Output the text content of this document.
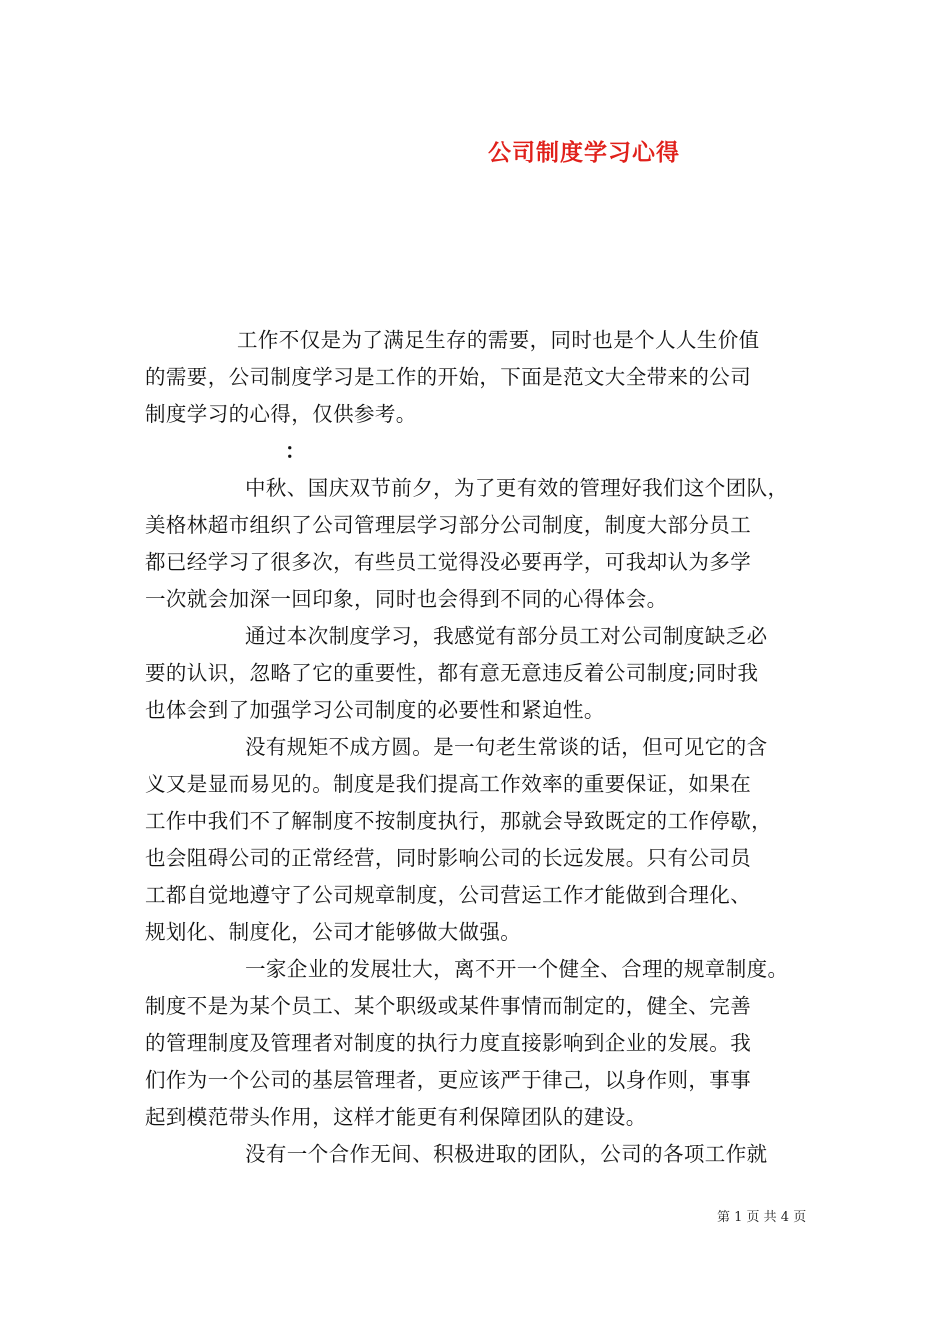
公司制度学习心得
工作不仅是为了满足生存的需要，同时也是个人人生价值
的需要，公司制度学习是工作的开始，下面是范文大全带来的公司
制度学习的心得，仅供参考。
：
中秋、国庆双节前夕，为了更有效的管理好我们这个团队，
美格林超市组织了公司管理层学习部分公司制度，制度大部分员工
都已经学习了很多次，有些员工觉得没必要再学，可我却认为多学
一次就会加深一回印象，同时也会得到不同的心得体会。
通过本次制度学习，我感觉有部分员工对公司制度缺乏必
要的认识，忽略了它的重要性，都有意无意违反着公司制度;同时我
也体会到了加强学习公司制度的必要性和紧迫性。
没有规矩不成方圆。是一句老生常谈的话，但可见它的含
义又是显而易见的。制度是我们提高工作效率的重要保证，如果在
工作中我们不了解制度不按制度执行，那就会导致既定的工作停歇，
也会阻碍公司的正常经营，同时影响公司的长远发展。只有公司员
工都自觉地遵守了公司规章制度，公司营运工作才能做到合理化、
规划化、制度化，公司才能够做大做强。
一家企业的发展壮大，离不开一个健全、合理的规章制度。
制度不是为某个员工、某个职级或某件事情而制定的，健全、完善
的管理制度及管理者对制度的执行力度直接影响到企业的发展。我
们作为一个公司的基层管理者，更应该严于律己，以身作则，事事
起到模范带头作用，这样才能更有利保障团队的建设。
没有一个合作无间、积极进取的团队，公司的各项工作就
第 1 页 共 4 页
